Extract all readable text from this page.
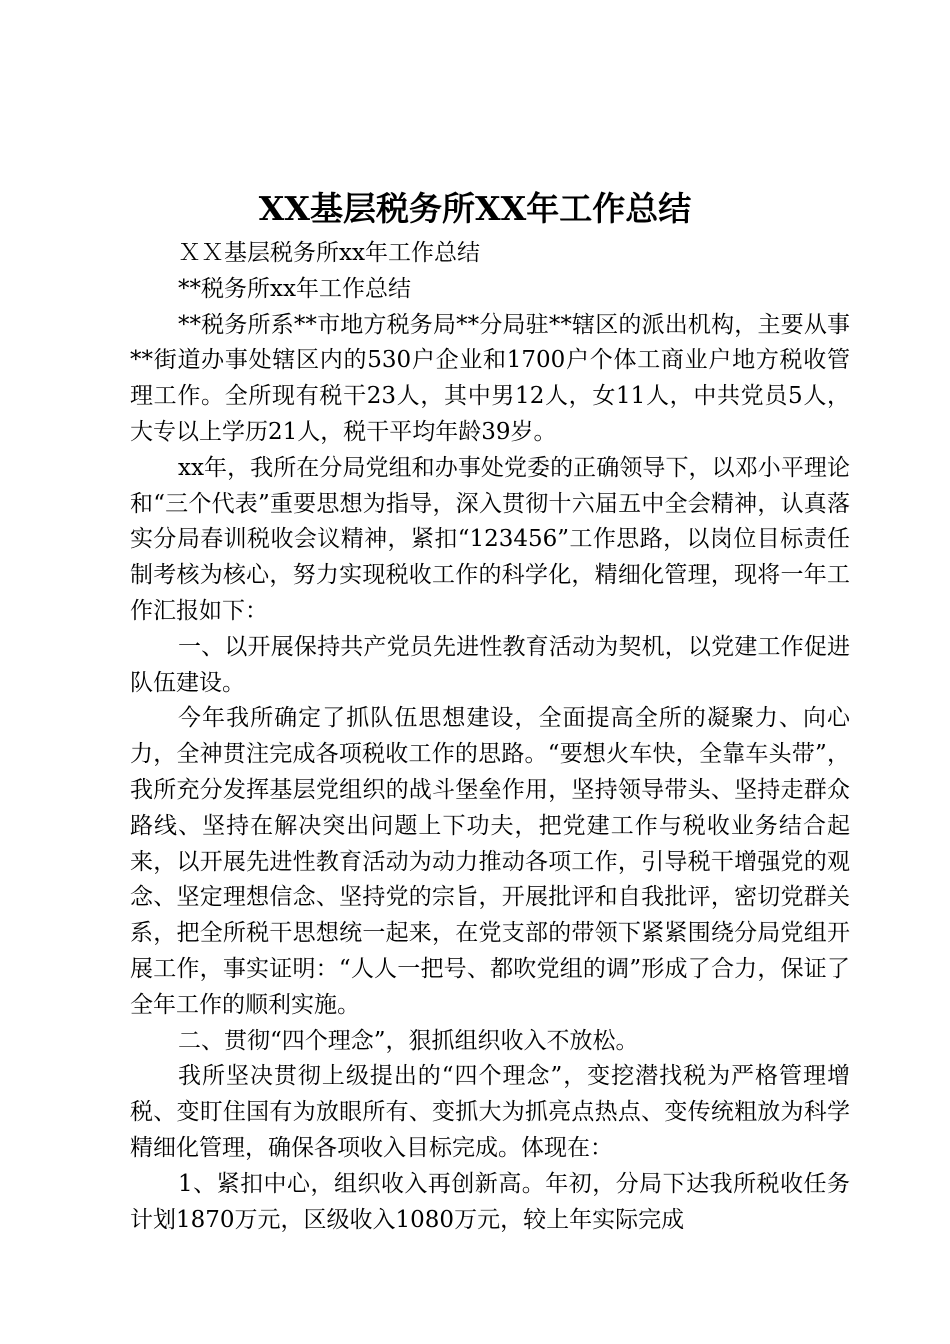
XX基层税务所XX年工作总结

ＸＸ基层税务所xx年工作总结

**税务所xx年工作总结

**税务所系**市地方税务局**分局驻**辖区的派出机构，主要从事**街道办事处辖区内的530户企业和1700户个体工商业户地方税收管理工作。全所现有税干23人，其中男12人，女11人，中共党员5人，大专以上学历21人，税干平均年龄39岁。

xx年，我所在分局党组和办事处党委的正确领导下，以邓小平理论和“三个代表”重要思想为指导，深入贯彻十六届五中全会精神，认真落实分局春训税收会议精神，紧扣“123456”工作思路，以岗位目标责任制考核为核心，努力实现税收工作的科学化，精细化管理，现将一年工作汇报如下：

一、以开展保持共产党员先进性教育活动为契机，以党建工作促进队伍建设。

今年我所确定了抓队伍思想建设，全面提高全所的凝聚力、向心力，全神贯注完成各项税收工作的思路。“要想火车快，全靠车头带”，我所充分发挥基层党组织的战斗堡垒作用，坚持领导带头、坚持走群众路线、坚持在解决突出问题上下功夫，把党建工作与税收业务结合起来，以开展先进性教育活动为动力推动各项工作，引导税干增强党的观念、坚定理想信念、坚持党的宗旨，开展批评和自我批评，密切党群关系，把全所税干思想统一起来，在党支部的带领下紧紧围绕分局党组开展工作，事实证明：“人人一把号、都吹党组的调”形成了合力，保证了全年工作的顺利实施。

二、贯彻“四个理念”，狠抓组织收入不放松。

我所坚决贯彻上级提出的“四个理念”，变挖潜找税为严格管理增税、变盯住国有为放眼所有、变抓大为抓亮点热点、变传统粗放为科学精细化管理，确保各项收入目标完成。体现在：

1、紧扣中心，组织收入再创新高。年初，分局下达我所税收任务计划1870万元，区级收入1080万元，较上年实际完成
